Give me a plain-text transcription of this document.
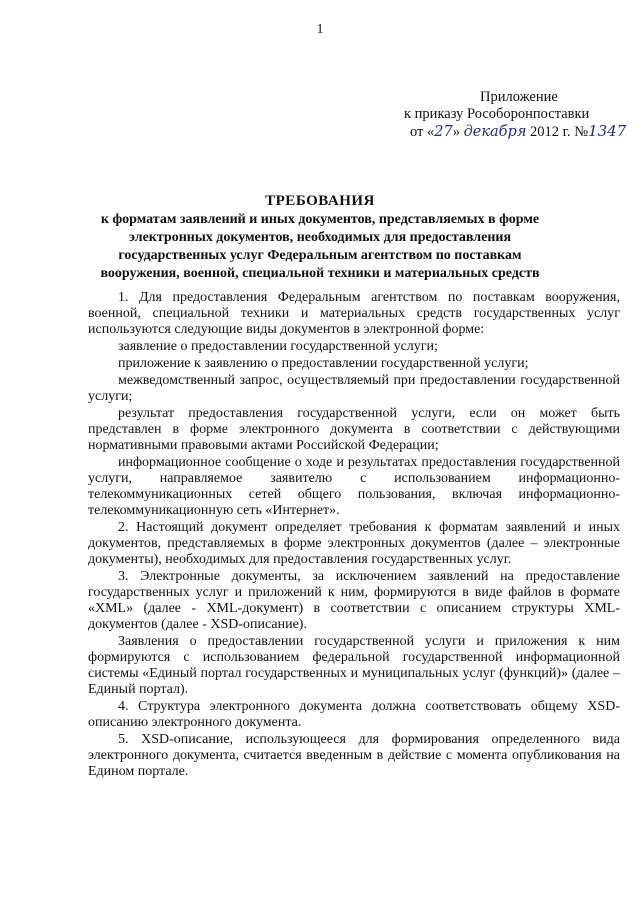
1
Приложение
к приказу Рособоронпоставки
от «27» декабря 2012 г. №1347
ТРЕБОВАНИЯ
к форматам заявлений и иных документов, представляемых в форме электронных документов, необходимых для предоставления государственных услуг Федеральным агентством по поставкам вооружения, военной, специальной техники и материальных средств

1. Для предоставления Федеральным агентством по поставкам вооружения, военной, специальной техники и материальных средств государственных услуг используются следующие виды документов в электронной форме:

заявление о предоставлении государственной услуги;

приложение к заявлению о предоставлении государственной услуги;

межведомственный запрос, осуществляемый при предоставлении государственной услуги;

результат предоставления государственной услуги, если он может быть представлен в форме электронного документа в соответствии с действующими нормативными правовыми актами Российской Федерации;

информационное сообщение о ходе и результатах предоставления государственной услуги, направляемое заявителю с использованием информационно-телекоммуникационных сетей общего пользования, включая информационно-телекоммуникационную сеть «Интернет».

2. Настоящий документ определяет требования к форматам заявлений и иных документов, представляемых в форме электронных документов (далее – электронные документы), необходимых для предоставления государственных услуг.

3. Электронные документы, за исключением заявлений на предоставление государственных услуг и приложений к ним, формируются в виде файлов в формате «XML» (далее - XML-документ) в соответствии с описанием структуры XML-документов (далее - XSD-описание).

Заявления о предоставлении государственной услуги и приложения к ним формируются с использованием федеральной государственной информационной системы «Единый портал государственных и муниципальных услуг (функций)» (далее – Единый портал).

4. Структура электронного документа должна соответствовать общему XSD-описанию электронного документа.

5. XSD-описание, использующееся для формирования определенного вида электронного документа, считается введенным в действие с момента опубликования на Едином портале.
